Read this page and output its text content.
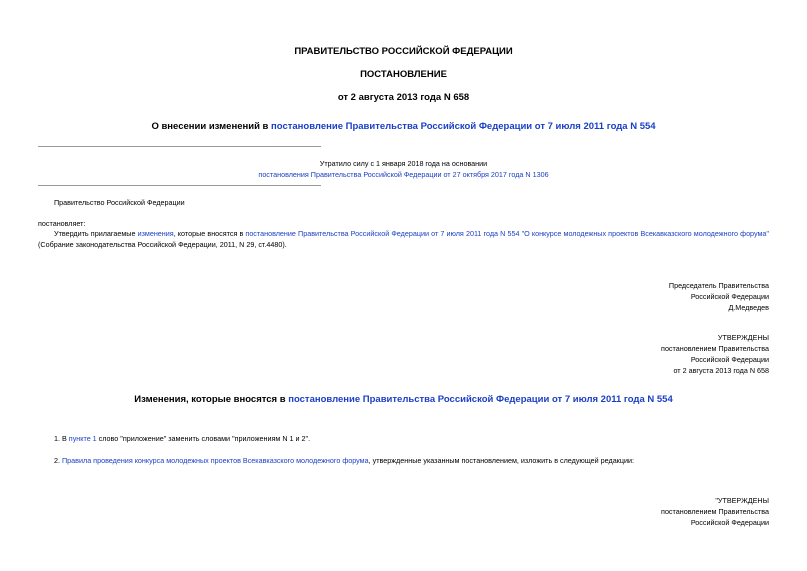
ПРАВИТЕЛЬСТВО РОССИЙСКОЙ ФЕДЕРАЦИИ
ПОСТАНОВЛЕНИЕ
от 2 августа 2013 года N 658
О внесении изменений в постановление Правительства Российской Федерации от 7 июля 2011 года N 554
Утратило силу с 1 января 2018 года на основании
постановления Правительства Российской Федерации от 27 октября 2017 года N 1306
Правительство Российской Федерации
постановляет:
Утвердить прилагаемые изменения, которые вносятся в постановление Правительства Российской Федерации от 7 июля 2011 года N 554 "О конкурсе молодежных проектов Всекавказского молодежного форума" (Собрание законодательства Российской Федерации, 2011, N 29, ст.4480).
Председатель Правительства
Российской Федерации
Д.Медведев
УТВЕРЖДЕНЫ
постановлением Правительства
Российской Федерации
от 2 августа 2013 года N 658
Изменения, которые вносятся в постановление Правительства Российской Федерации от 7 июля 2011 года N 554
1. В пункте 1 слово "приложение" заменить словами "приложениям N 1 и 2".
2. Правила проведения конкурса молодежных проектов Всекавказского молодежного форума, утвержденные указанным постановлением, изложить в следующей редакции:
"УТВЕРЖДЕНЫ
постановлением Правительства
Российской Федерации
